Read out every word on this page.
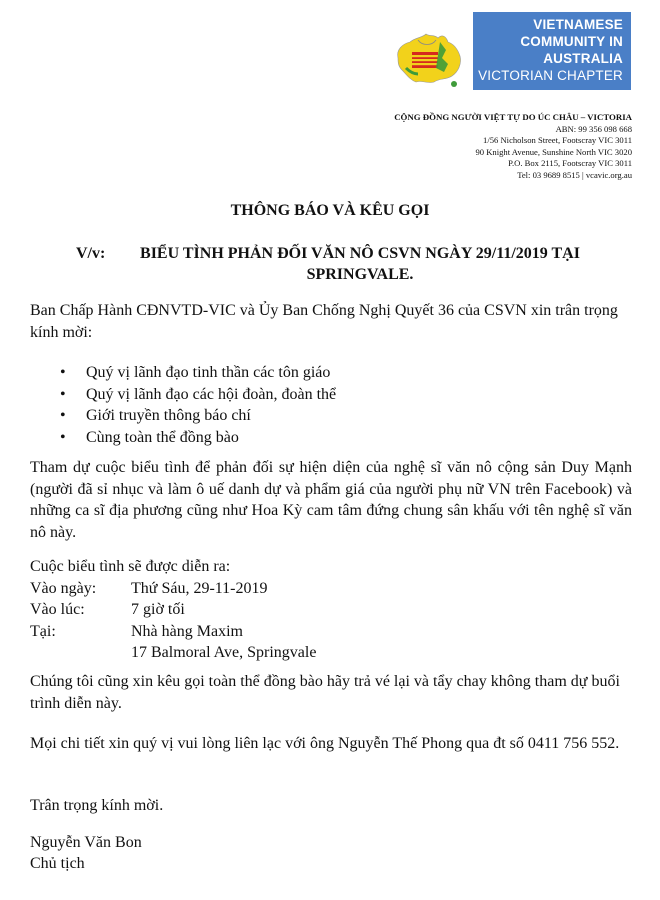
VIETNAMESE
COMMUNITY IN
AUSTRALIA
VICTORIAN CHAPTER
CỘNG ĐỒNG NGƯỜI VIỆT TỰ DO ÚC CHÂU – VICTORIA
ABN: 99 356 098 668
1/56 Nicholson Street, Footscray VIC 3011
90 Knight Avenue, Sunshine North VIC 3020
P.O. Box 2115, Footscray VIC 3011
Tel: 03 9689 8515 | vcavic.org.au
THÔNG BÁO VÀ KÊU GỌI
V/v:	BIỂU TÌNH PHẢN ĐỐI VĂN NÔ CSVN NGÀY 29/11/2019 TẠI
SPRINGVALE.
Ban Chấp Hành CĐNVTD-VIC và Ủy Ban Chống Nghị Quyết 36 của CSVN xin trân trọng kính mời:
• Quý vị lãnh đạo tinh thần các tôn giáo
• Quý vị lãnh đạo các hội đoàn, đoàn thể
• Giới truyền thông báo chí
• Cùng toàn thể đồng bào
Tham dự cuộc biểu tình để phản đối sự hiện diện của nghệ sĩ văn nô cộng sản Duy Mạnh (người đã sỉ nhục và làm ô uế danh dự và phẩm giá của người phụ nữ VN trên Facebook) và những ca sĩ địa phương cũng như Hoa Kỳ cam tâm đứng chung sân khấu với tên nghệ sĩ văn nô này.
Cuộc biểu tình sẽ được diễn ra:
Vào ngày:	Thứ Sáu, 29-11-2019
Vào lúc:	7 giờ tối
Tại:	Nhà hàng Maxim
17 Balmoral Ave, Springvale
Chúng tôi cũng xin kêu gọi toàn thể đồng bào hãy trả vé lại và tẩy chay không tham dự buổi trình diễn này.
Mọi chi tiết xin quý vị vui lòng liên lạc với ông Nguyễn Thế Phong qua đt số 0411 756 552.
Trân trọng kính mời.
Nguyễn Văn Bon
Chủ tịch
